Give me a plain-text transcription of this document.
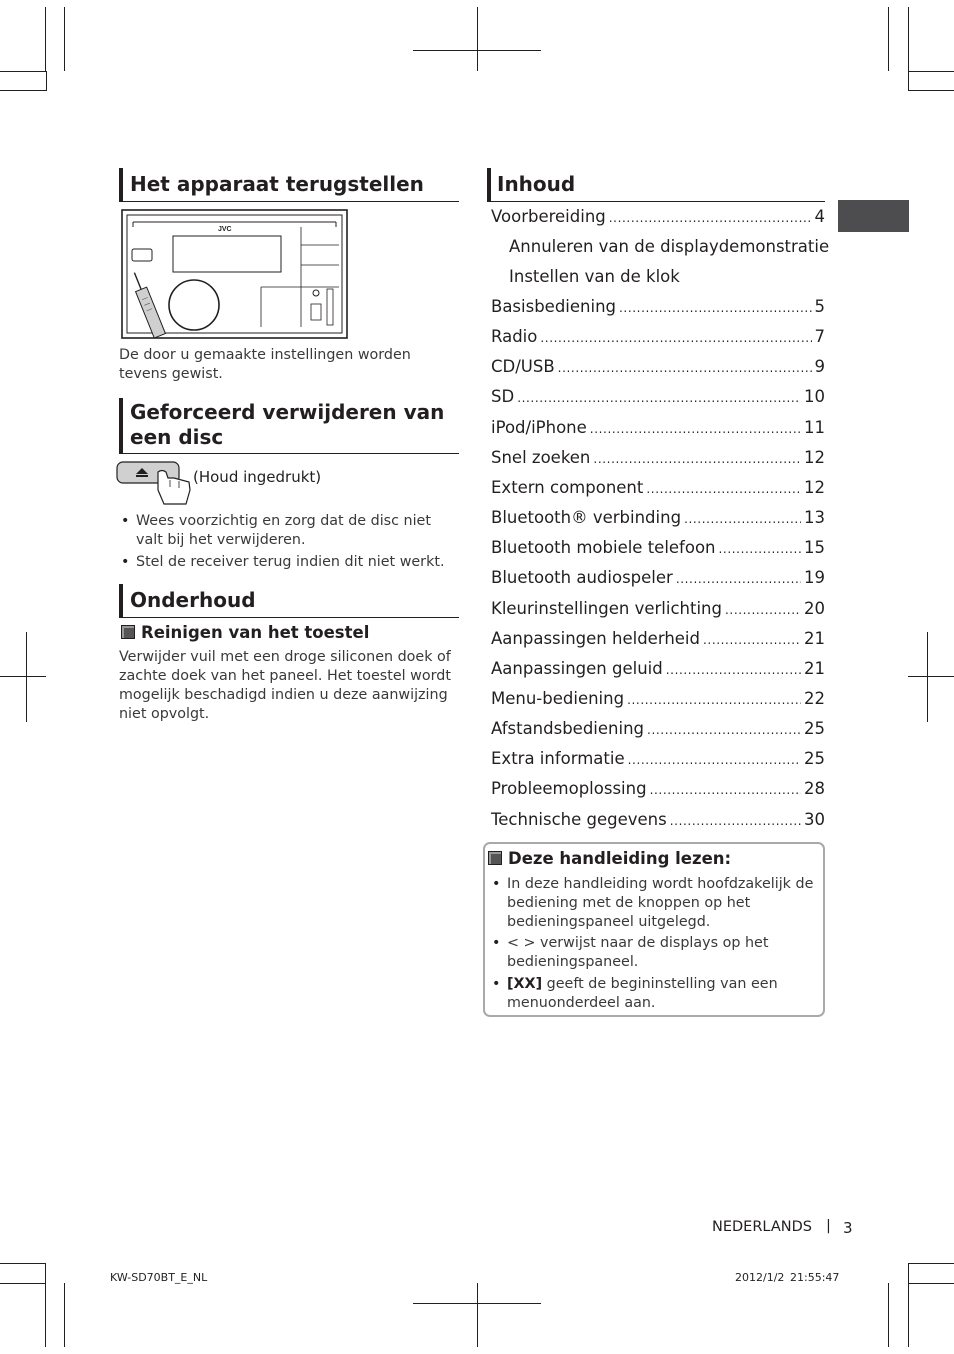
Het apparaat terugstellen
JVC
De door u gemaakte instellingen worden tevens gewist.
Geforceerd verwijderen van een disc
(Houd ingedrukt)
• Wees voorzichtig en zorg dat de disc niet valt bij het verwijderen.
• Stel de receiver terug indien dit niet werkt.
Onderhoud
Reinigen van het toestel
Verwijder vuil met een droge siliconen doek of zachte doek van het paneel. Het toestel wordt mogelijk beschadigd indien u deze aanwijzing niet opvolgt.
Inhoud
Voorbereiding .....	4
Annuleren van de displaydemonstratie
Instellen van de klok
Basisbediening .....	5
Radio .....	7
CD/USB .....	9
SD .....	10
iPod/iPhone .....	11
Snel zoeken .....	12
Extern component .....	12
Bluetooth® verbinding .....	13
Bluetooth mobiele telefoon .....	15
Bluetooth audiospeler .....	19
Kleurinstellingen verlichting .....	20
Aanpassingen helderheid .....	21
Aanpassingen geluid .....	21
Menu-bediening .....	22
Afstandsbediening .....	25
Extra informatie .....	25
Probleemoplossing .....	28
Technische gegevens .....	30
Deze handleiding lezen:
• In deze handleiding wordt hoofdzakelijk de bediening met de knoppen op het bedieningspaneel uitgelegd.
• < > verwijst naar de displays op het bedieningspaneel.
• [XX] geeft de begininstelling van een menuonderdeel aan.
NEDERLANDS | 3
KW-SD70BT_E_NL	2012/1/2 21:55:47
